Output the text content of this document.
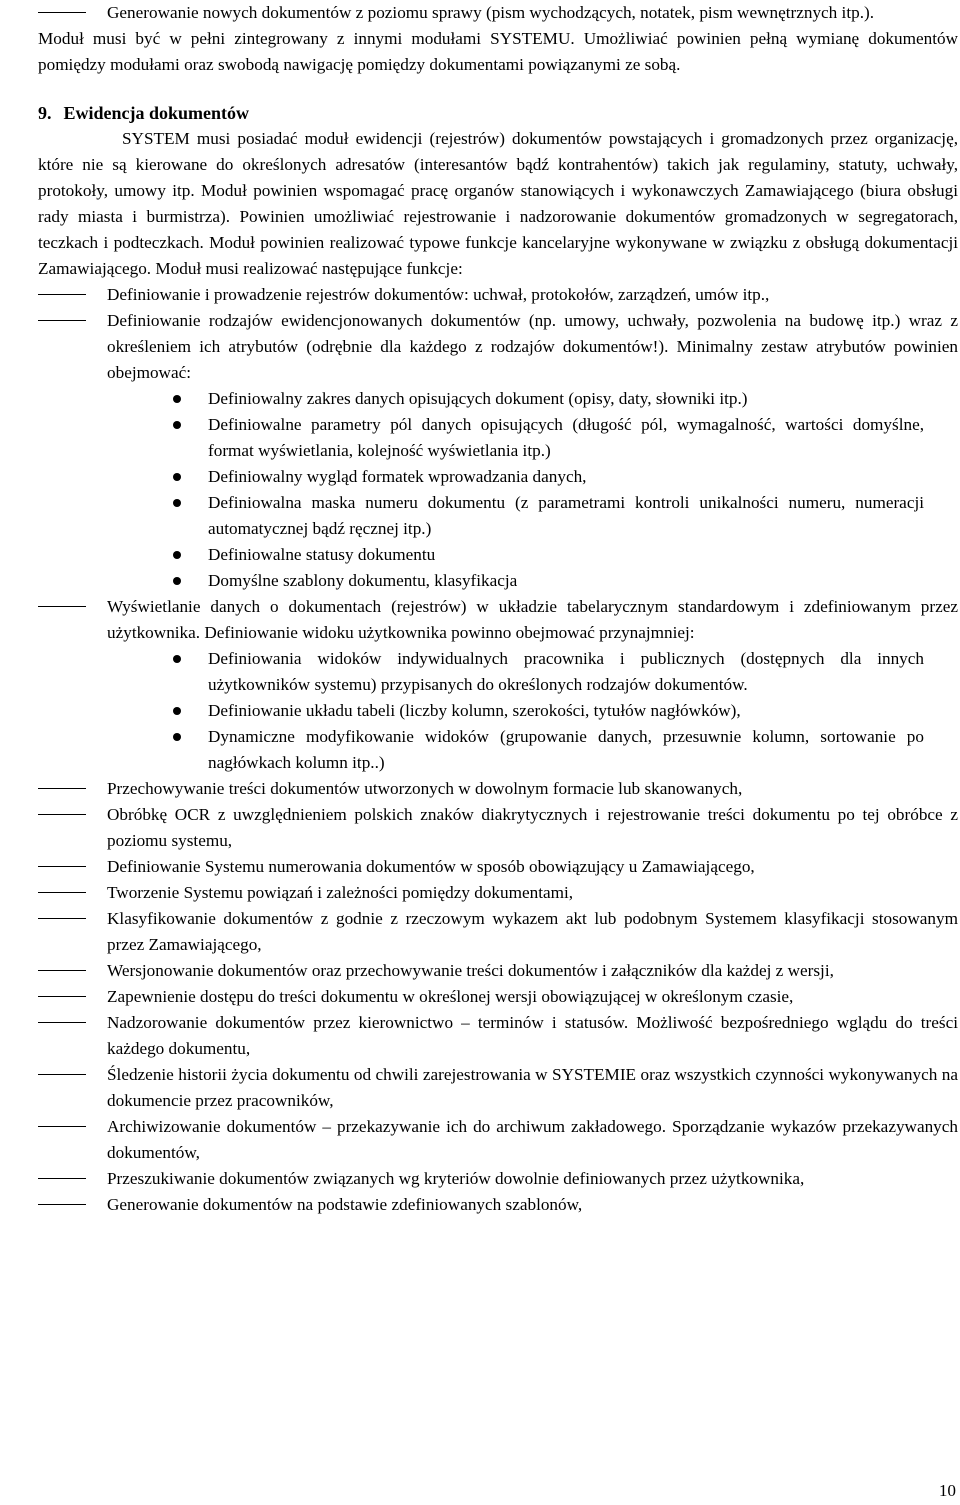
Generowanie nowych dokumentów z poziomu sprawy (pism wychodzących, notatek, pism wewnętrznych itp.).
Moduł musi być w pełni zintegrowany z innymi modułami SYSTEMU. Umożliwiać powinien pełną wymianę dokumentów pomiędzy modułami oraz swobodą nawigację pomiędzy dokumentami powiązanymi ze sobą.
9. Ewidencja dokumentów
SYSTEM musi posiadać moduł ewidencji (rejestrów) dokumentów powstających i gromadzonych przez organizację, które nie są kierowane do określonych adresatów (interesantów bądź kontrahentów) takich jak regulaminy, statuty, uchwały, protokoły, umowy itp. Moduł powinien wspomagać pracę organów stanowiących i wykonawczych Zamawiającego (biura obsługi rady miasta i burmistrza). Powinien umożliwiać rejestrowanie i nadzorowanie dokumentów gromadzonych w segregatorach, teczkach i podteczkach. Moduł powinien realizować typowe funkcje kancelaryjne wykonywane w związku z obsługą dokumentacji Zamawiającego. Moduł musi realizować następujące funkcje:
Definiowanie i prowadzenie rejestrów dokumentów: uchwał, protokołów, zarządzeń, umów itp.,
Definiowanie rodzajów ewidencjonowanych dokumentów (np. umowy, uchwały, pozwolenia na budowę itp.) wraz z określeniem ich atrybutów (odrębnie dla każdego z rodzajów dokumentów!). Minimalny zestaw atrybutów powinien obejmować:
Definiowalny zakres danych opisujących dokument (opisy, daty, słowniki itp.)
Definiowalne parametry pól danych opisujących (długość pól, wymagalność, wartości domyślne, format wyświetlania, kolejność wyświetlania itp.)
Definiowalny wygląd formatek wprowadzania danych,
Definiowalna maska numeru dokumentu (z parametrami kontroli unikalności numeru, numeracji automatycznej bądź ręcznej itp.)
Definiowalne statusy dokumentu
Domyślne szablony dokumentu, klasyfikacja
Wyświetlanie danych o dokumentach (rejestrów) w układzie tabelarycznym standardowym i zdefiniowanym przez użytkownika. Definiowanie widoku użytkownika powinno obejmować przynajmniej:
Definiowania widoków indywidualnych pracownika i publicznych (dostępnych dla innych użytkowników systemu) przypisanych do określonych rodzajów dokumentów.
Definiowanie układu tabeli (liczby kolumn, szerokości, tytułów nagłówków),
Dynamiczne modyfikowanie widoków (grupowanie danych, przesuwnie kolumn, sortowanie po nagłówkach kolumn itp..)
Przechowywanie treści dokumentów utworzonych w dowolnym formacie lub skanowanych,
Obróbkę OCR z uwzględnieniem polskich znaków diakrytycznych i rejestrowanie treści dokumentu po tej obróbce z poziomu systemu,
Definiowanie Systemu numerowania dokumentów w sposób obowiązujący u Zamawiającego,
Tworzenie Systemu powiązań i zależności pomiędzy dokumentami,
Klasyfikowanie dokumentów z godnie z rzeczowym wykazem akt lub podobnym Systemem klasyfikacji stosowanym przez Zamawiającego,
Wersjonowanie dokumentów oraz przechowywanie treści dokumentów i załączników dla każdej z wersji,
Zapewnienie dostępu do treści dokumentu w określonej wersji obowiązującej w określonym czasie,
Nadzorowanie dokumentów przez kierownictwo – terminów i statusów. Możliwość bezpośredniego wglądu do treści każdego dokumentu,
Śledzenie historii życia dokumentu od chwili zarejestrowania w SYSTEMIE oraz wszystkich czynności wykonywanych na dokumencie przez pracowników,
Archiwizowanie dokumentów – przekazywanie ich do archiwum zakładowego. Sporządzanie wykazów przekazywanych dokumentów,
Przeszukiwanie dokumentów związanych wg kryteriów dowolnie definiowanych przez użytkownika,
Generowanie dokumentów na podstawie zdefiniowanych szablonów,
10
